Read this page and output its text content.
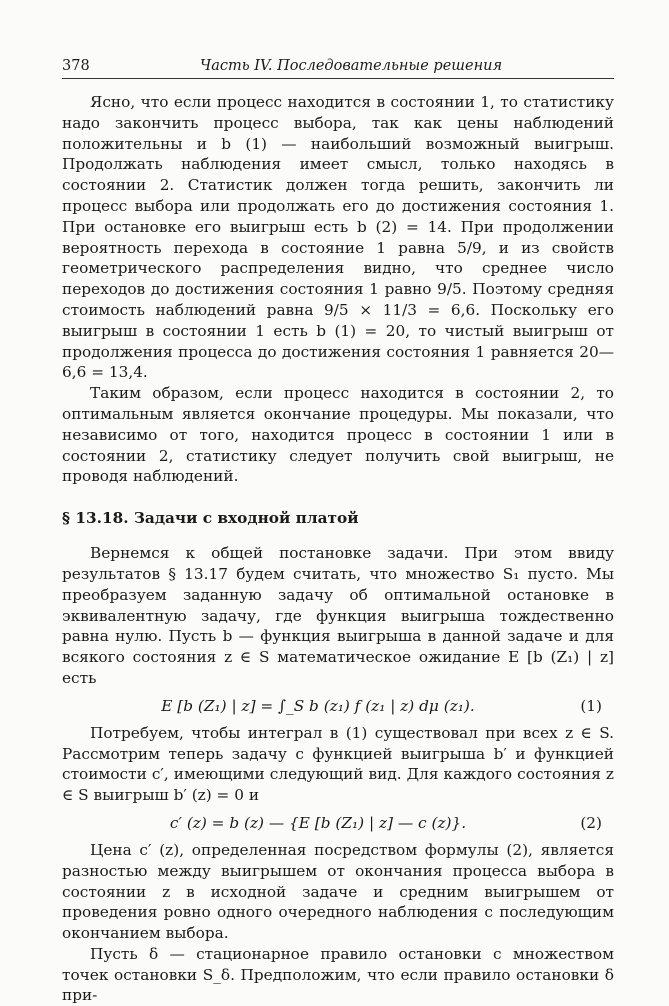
378	Часть IV. Последовательные решения

Ясно, что если процесс находится в состоянии 1, то статистику надо закончить процесс выбора, так как цены наблюдений положительны и b (1) — наибольший возможный выигрыш. Продолжать наблюдения имеет смысл, только находясь в состоянии 2. Статистик должен тогда решить, закончить ли процесс выбора или продолжать его до достижения состояния 1. При остановке его выигрыш есть b (2) = 14. При продолжении вероятность перехода в состояние 1 равна 5/9, и из свойств геометрического распределения видно, что среднее число переходов до достижения состояния 1 равно 9/5. Поэтому средняя стоимость наблюдений равна 9/5 × 11/3 = 6,6. Поскольку его выигрыш в состоянии 1 есть b (1) = 20, то чистый выигрыш от продолжения процесса до достижения состояния 1 равняется 20—6,6 = 13,4.

Таким образом, если процесс находится в состоянии 2, то оптимальным является окончание процедуры. Мы показали, что независимо от того, находится процесс в состоянии 1 или в состоянии 2, статистику следует получить свой выигрыш, не проводя наблюдений.

§ 13.18. Задачи с входной платой

Вернемся к общей постановке задачи. При этом ввиду результатов § 13.17 будем считать, что множество S₁ пусто. Мы преобразуем заданную задачу об оптимальной остановке в эквивалентную задачу, где функция выигрыша тождественно равна нулю. Пусть b — функция выигрыша в данной задаче и для всякого состояния z ∈ S математическое ожидание E [b (Z₁) | z] есть

E [b (Z₁) | z] = ∫_S b (z₁) f (z₁ | z) dμ (z₁).	(1)

Потребуем, чтобы интеграл в (1) существовал при всех z ∈ S. Рассмотрим теперь задачу с функцией выигрыша b′ и функцией стоимости c′, имеющими следующий вид. Для каждого состояния z ∈ S выигрыш b′ (z) = 0 и

c′ (z) = b (z) — {E [b (Z₁) | z] — c (z)}.	(2)

Цена c′ (z), определенная посредством формулы (2), является разностью между выигрышем от окончания процесса выбора в состоянии z в исходной задаче и средним выигрышем от проведения ровно одного очередного наблюдения с последующим окончанием выбора.

Пусть δ — стационарное правило остановки с множеством точек остановки S_δ. Предположим, что если правило остановки δ при-
